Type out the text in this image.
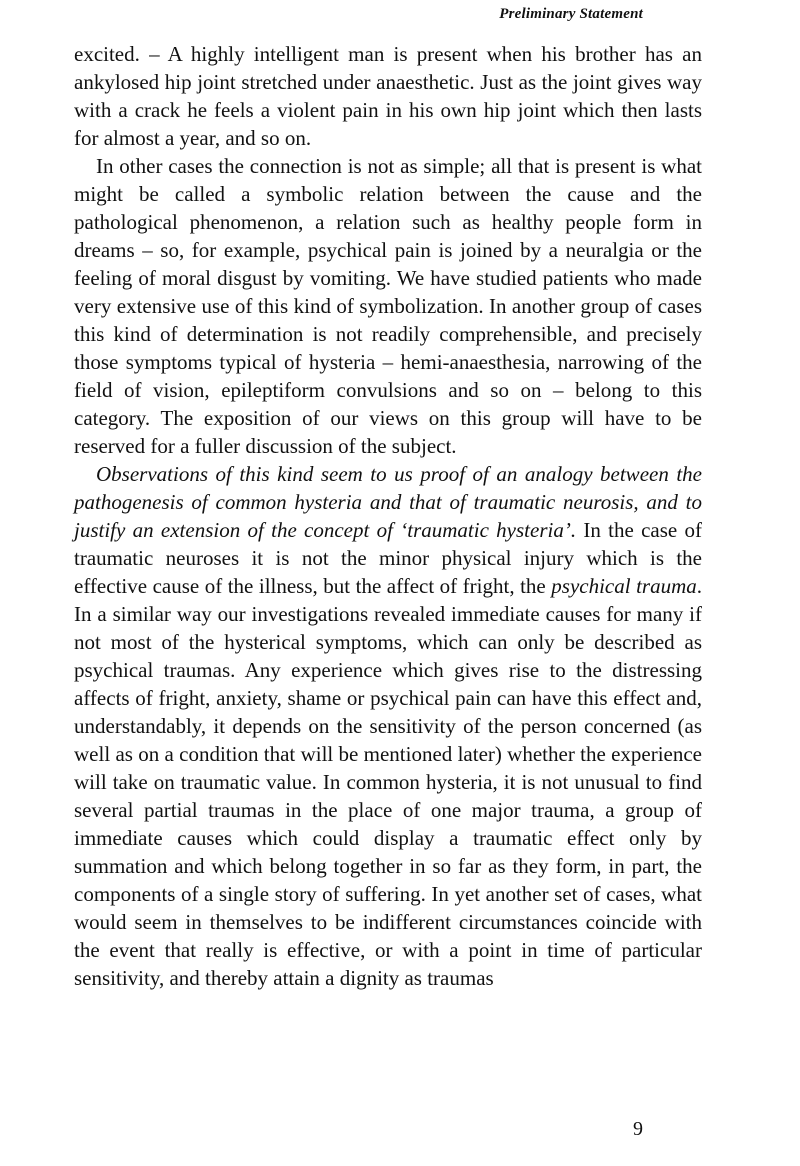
Preliminary Statement

excited. – A highly intelligent man is present when his brother has an ankylosed hip joint stretched under anaesthetic. Just as the joint gives way with a crack he feels a violent pain in his own hip joint which then lasts for almost a year, and so on.

In other cases the connection is not as simple; all that is present is what might be called a symbolic relation between the cause and the pathological phenomenon, a relation such as healthy people form in dreams – so, for example, psychical pain is joined by a neuralgia or the feeling of moral disgust by vomiting. We have studied patients who made very extensive use of this kind of symbolization. In another group of cases this kind of determination is not readily comprehensible, and precisely those symptoms typical of hysteria – hemi-anaesthesia, narrowing of the field of vision, epileptiform convulsions and so on – belong to this category. The exposition of our views on this group will have to be reserved for a fuller discussion of the subject.

Observations of this kind seem to us proof of an analogy between the pathogenesis of common hysteria and that of traumatic neurosis, and to justify an extension of the concept of ‘traumatic hysteria’. In the case of traumatic neuroses it is not the minor physical injury which is the effective cause of the illness, but the affect of fright, the psychical trauma. In a similar way our investigations revealed immediate causes for many if not most of the hysterical symptoms, which can only be described as psychical traumas. Any experience which gives rise to the distressing affects of fright, anxiety, shame or psychical pain can have this effect and, understandably, it depends on the sensitivity of the person concerned (as well as on a condition that will be mentioned later) whether the experience will take on traumatic value. In common hysteria, it is not unusual to find several partial traumas in the place of one major trauma, a group of immediate causes which could display a traumatic effect only by summation and which belong together in so far as they form, in part, the components of a single story of suffering. In yet another set of cases, what would seem in themselves to be indifferent circumstances coincide with the event that really is effective, or with a point in time of particular sensitivity, and thereby attain a dignity as traumas

9
